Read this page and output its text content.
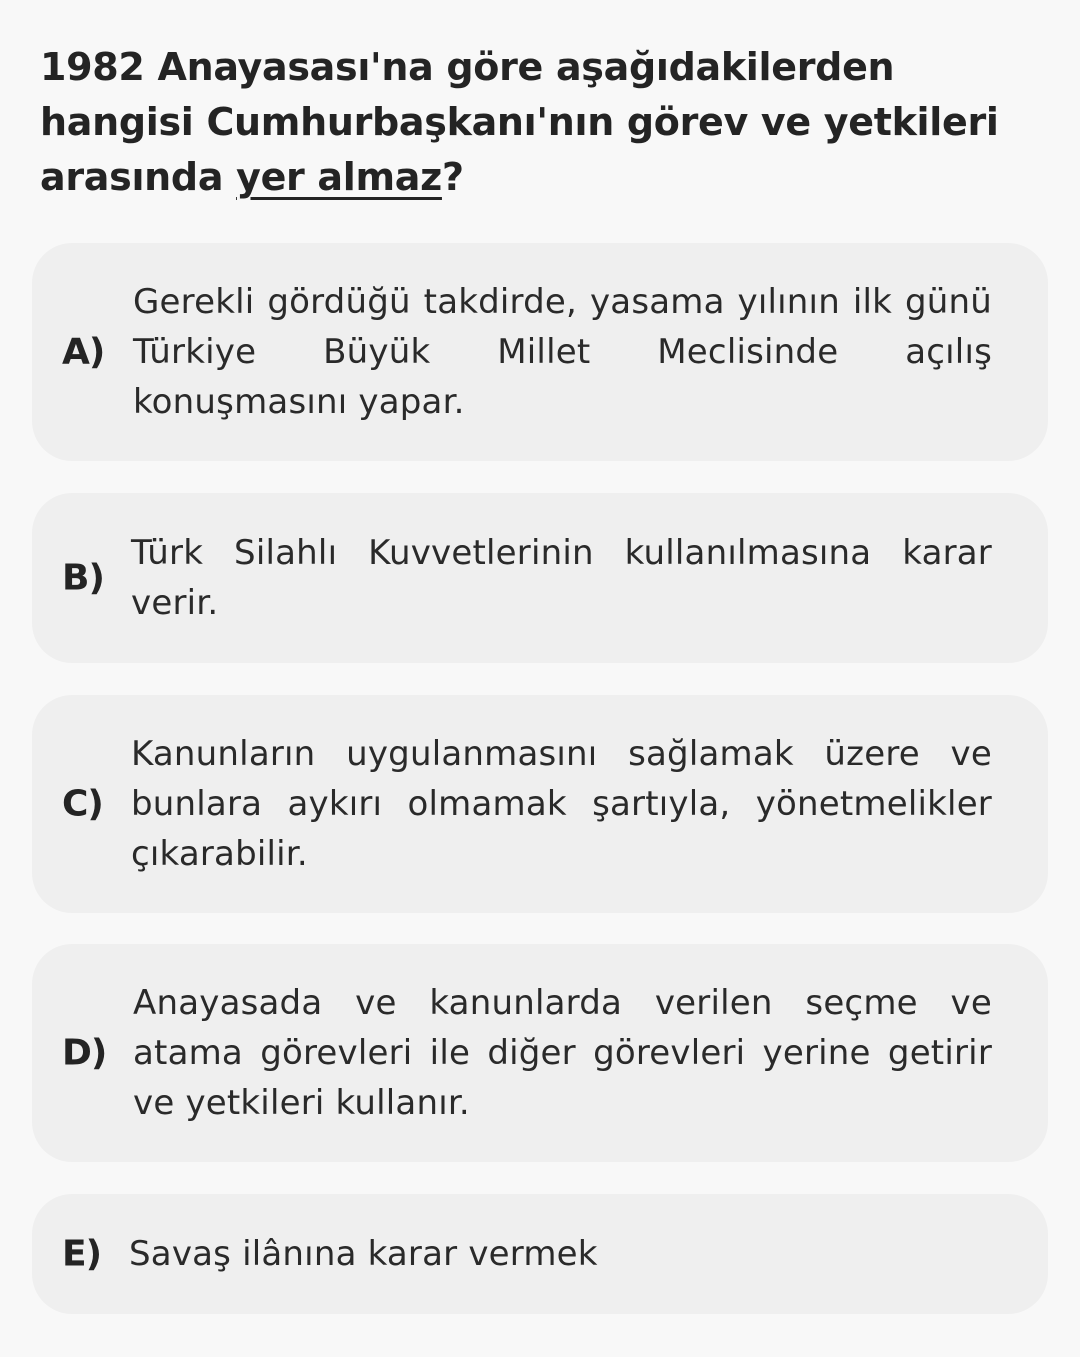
1982 Anayasası'na göre aşağıdakilerden hangisi Cumhurbaşkanı'nın görev ve yetkileri arasında yer almaz?
A)
Gerekli gördüğü takdirde, yasama yılının ilk günü Türkiye Büyük Millet Meclisinde açılış konuşmasını yapar.
B)
Türk Silahlı Kuvvetlerinin kullanılmasına karar verir.
C)
Kanunların uygulanmasını sağlamak üzere ve bunlara aykırı olmamak şartıyla, yönetmelikler çıkarabilir.
D)
Anayasada ve kanunlarda verilen seçme ve atama görevleri ile diğer görevleri yerine getirir ve yetkileri kullanır.
E) Savaş ilânına karar vermek
